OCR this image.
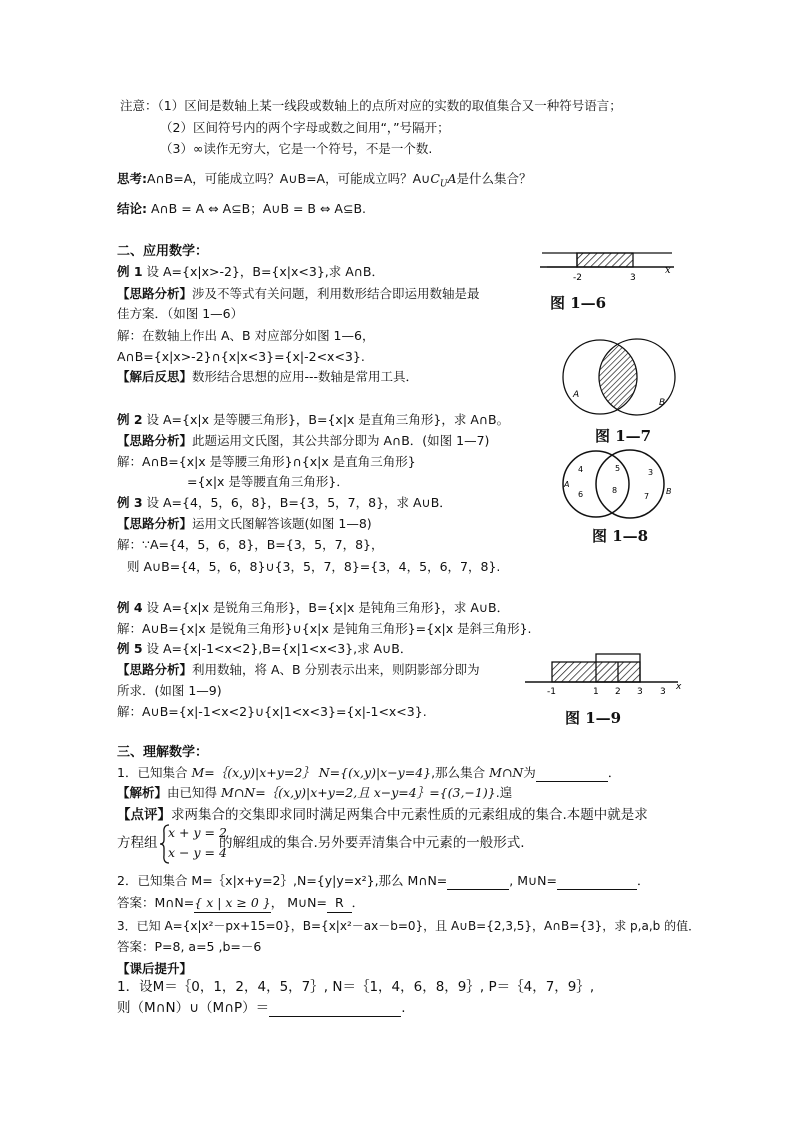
注意：（1）区间是数轴上某一线段或数轴上的点所对应的实数的取值集合又一种符号语言；
（2）区间符号内的两个字母或数之间用“，”号隔开；
（3）∞读作无穷大，它是一个符号，不是一个数.
思考:A∩B=A，可能成立吗？A∪B=A，可能成立吗？$A\cup C_UA$是什么集合？
结论: A∩B = A ⇔ A⊆B；A∪B = B ⇔ A⊆B.
二、应用数学：
例 1 设 A={x|x>-2}，B={x|x<3},求 A∩B．
【思路分析】涉及不等式有关问题，利用数形结合即运用数轴是最
佳方案．（如图 1—6）
解：在数轴上作出 A、B 对应部分如图 1—6，
A∩B={x|x>-2}∩{x|x<3}={x|-2<x<3}.
【解后反思】数形结合思想的应用---数轴是常用工具．
例 2 设 A={x|x 是等腰三角形}，B={x|x 是直角三角形}，求 A∩B。
【思路分析】此题运用文氏图，其公共部分即为 A∩B．(如图 1—7)
解：A∩B={x|x 是等腰三角形}∩{x|x 是直角三角形}
={x|x 是等腰直角三角形}．
例 3 设 A={4，5，6，8}，B={3，5，7，8}，求 A∪B．
【思路分析】运用文氏图解答该题(如图 1—8)
解：∵A={4，5，6，8}，B={3，5，7，8}，
则 A∪B={4，5，6，8}∪{3，5，7，8}={3，4，5，6，7，8}.
例 4 设 A={x|x 是锐角三角形}，B={x|x 是钝角三角形}，求 A∪B．
解：A∪B={x|x 是锐角三角形}∪{x|x 是钝角三角形}={x|x 是斜三角形}.
例 5 设 A={x|-1<x<2},B={x|1<x<3},求 A∪B．
【思路分析】利用数轴，将 A、B 分别表示出来，则阴影部分即为
所求．(如图 1—9)
解：A∪B={x|-1<x<2}∪{x|1<x<3}={x|-1<x<3}.
三、理解数学：
1．已知集合 M=｛(x,y)|x+y=2｝ N={(x,y)|x−y=4},那么集合 M∩N为	．
【解析】由已知得 M∩N=｛(x,y)|x+y=2,且 x−y=4｝={(3,−1)}.遑
【点评】求两集合的交集即求同时满足两集合中元素性质的元素组成的集合.本题中就是求
方程组
x + y = 2
x − y = 4
的解组成的集合.另外要弄清集合中元素的一般形式.
2．已知集合 M=｛x|x+y=2｝,N={y|y=x²},那么 M∩N=	, M∪N=	．
答案：M∩N={ x | x ≥ 0 }， M∪N=R．
3．已知 A={x|x²－px+15=0}，B={x|x²－ax－b=0}，且 A∪B={2,3,5}，A∩B={3}，求 p,a,b 的值．
答案：P=8, a=5 ,b=－6
【课后提升】
1．设M＝｛0，1，2，4，5，7｝, N＝｛1，4，6，8，9｝, P＝｛4，7，9｝,
则（M∩N）∪（M∩P）＝	.
-2	3
x
图 1—6
A
B
图 1—7
4
6
5
8
3
7
A
B
图 1—8
-1	1 2 3 3 x
图 1—9
